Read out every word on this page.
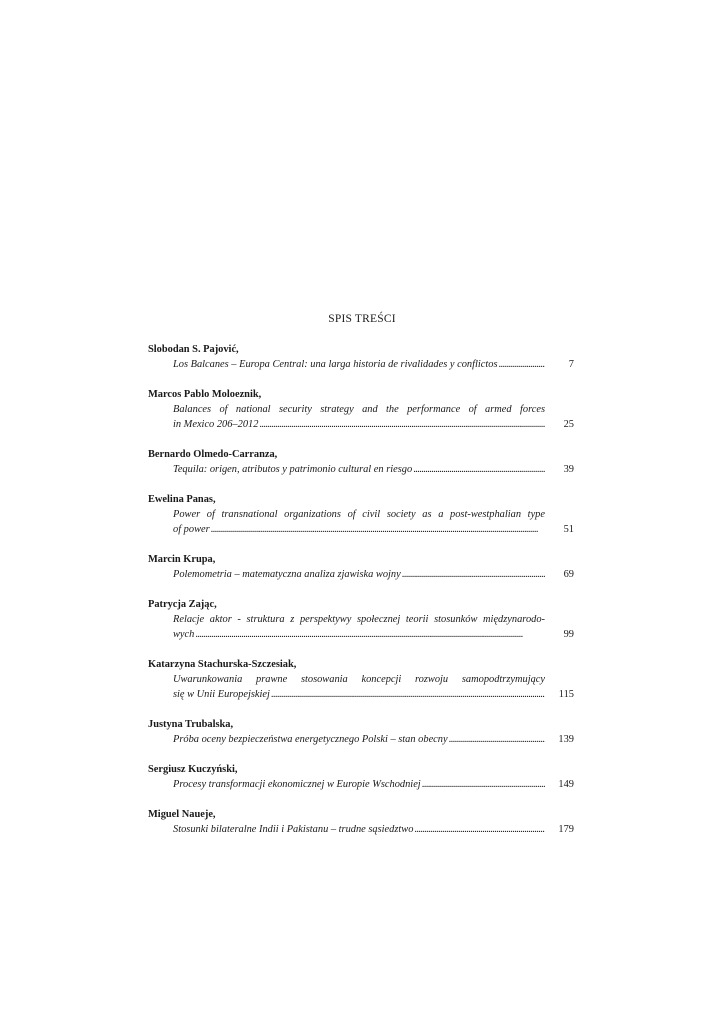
SPIS TREŚCI
Slobodan S. Pajović,
Los Balcanes – Europa Central: una larga historia de rivalidades y conflictos . . .	7
Marcos Pablo Moloeznik,
Balances of national security strategy and the performance of armed forces
in Mexico 206–2012 . . .	25
Bernardo Olmedo-Carranza,
Tequila: origen, atributos y patrimonio cultural en riesgo . . .	39
Ewelina Panas,
Power of transnational organizations of civil society as a post-westphalian type
of power . . .	51
Marcin Krupa,
Polemometria – matematyczna analiza zjawiska wojny . . .	69
Patrycja Zając,
Relacje aktor - struktura z perspektywy społecznej teorii stosunków międzynarodo-
wych . . .	99
Katarzyna Stachurska-Szczesiak,
Uwarunkowania prawne stosowania koncepcji rozwoju samopodtrzymujący
się w Unii Europejskiej . . .	115
Justyna Trubalska,
Próba oceny bezpieczeństwa energetycznego Polski – stan obecny . . .	139
Sergiusz Kuczyński,
Procesy transformacji ekonomicznej w Europie Wschodniej . . .	149
Miguel Naueje,
Stosunki bilateralne Indii i Pakistanu – trudne sąsiedztwo . . .	179
